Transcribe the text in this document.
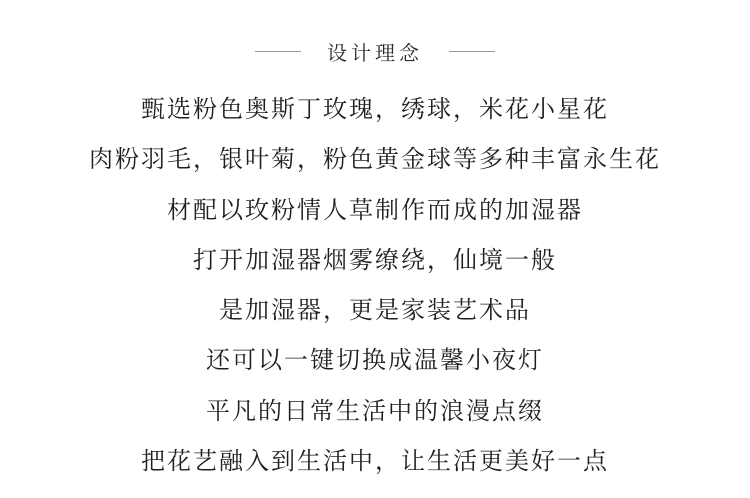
设计理念
甄选粉色奥斯丁玫瑰，绣球，米花小星花
肉粉羽毛，银叶菊，粉色黄金球等多种丰富永生花
材配以玫粉情人草制作而成的加湿器
打开加湿器烟雾缭绕，仙境一般
是加湿器，更是家装艺术品
还可以一键切换成温馨小夜灯
平凡的日常生活中的浪漫点缀
把花艺融入到生活中，让生活更美好一点
